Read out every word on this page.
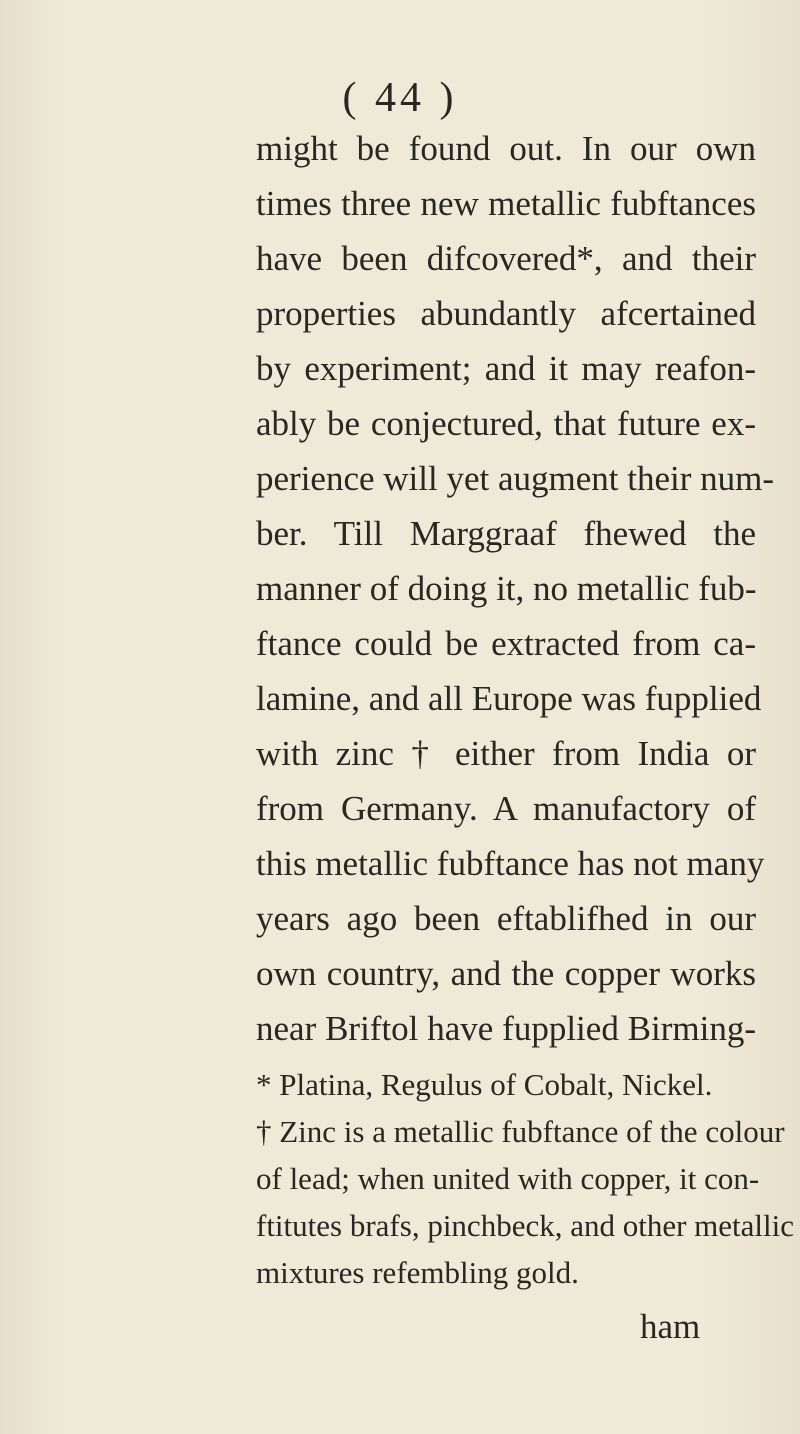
( 44 )
might be found out. In our own
times three new metallic fubftances
have been difcovered*, and their
properties abundantly afcertained
by experiment; and it may reafon-
ably be conjectured, that future ex-
perience will yet augment their num-
ber. Till Marggraaf fhewed the
manner of doing it, no metallic fub-
ftance could be extracted from ca-
lamine, and all Europe was fupplied
with zinc † either from India or
from Germany. A manufactory of
this metallic fubftance has not many
years ago been eftablifhed in our
own country, and the copper works
near Briftol have fupplied Birming-
* Platina, Regulus of Cobalt, Nickel.
† Zinc is a metallic fubftance of the colour
of lead; when united with copper, it con-
ftitutes brafs, pinchbeck, and other metallic
mixtures refembling gold.
ham
